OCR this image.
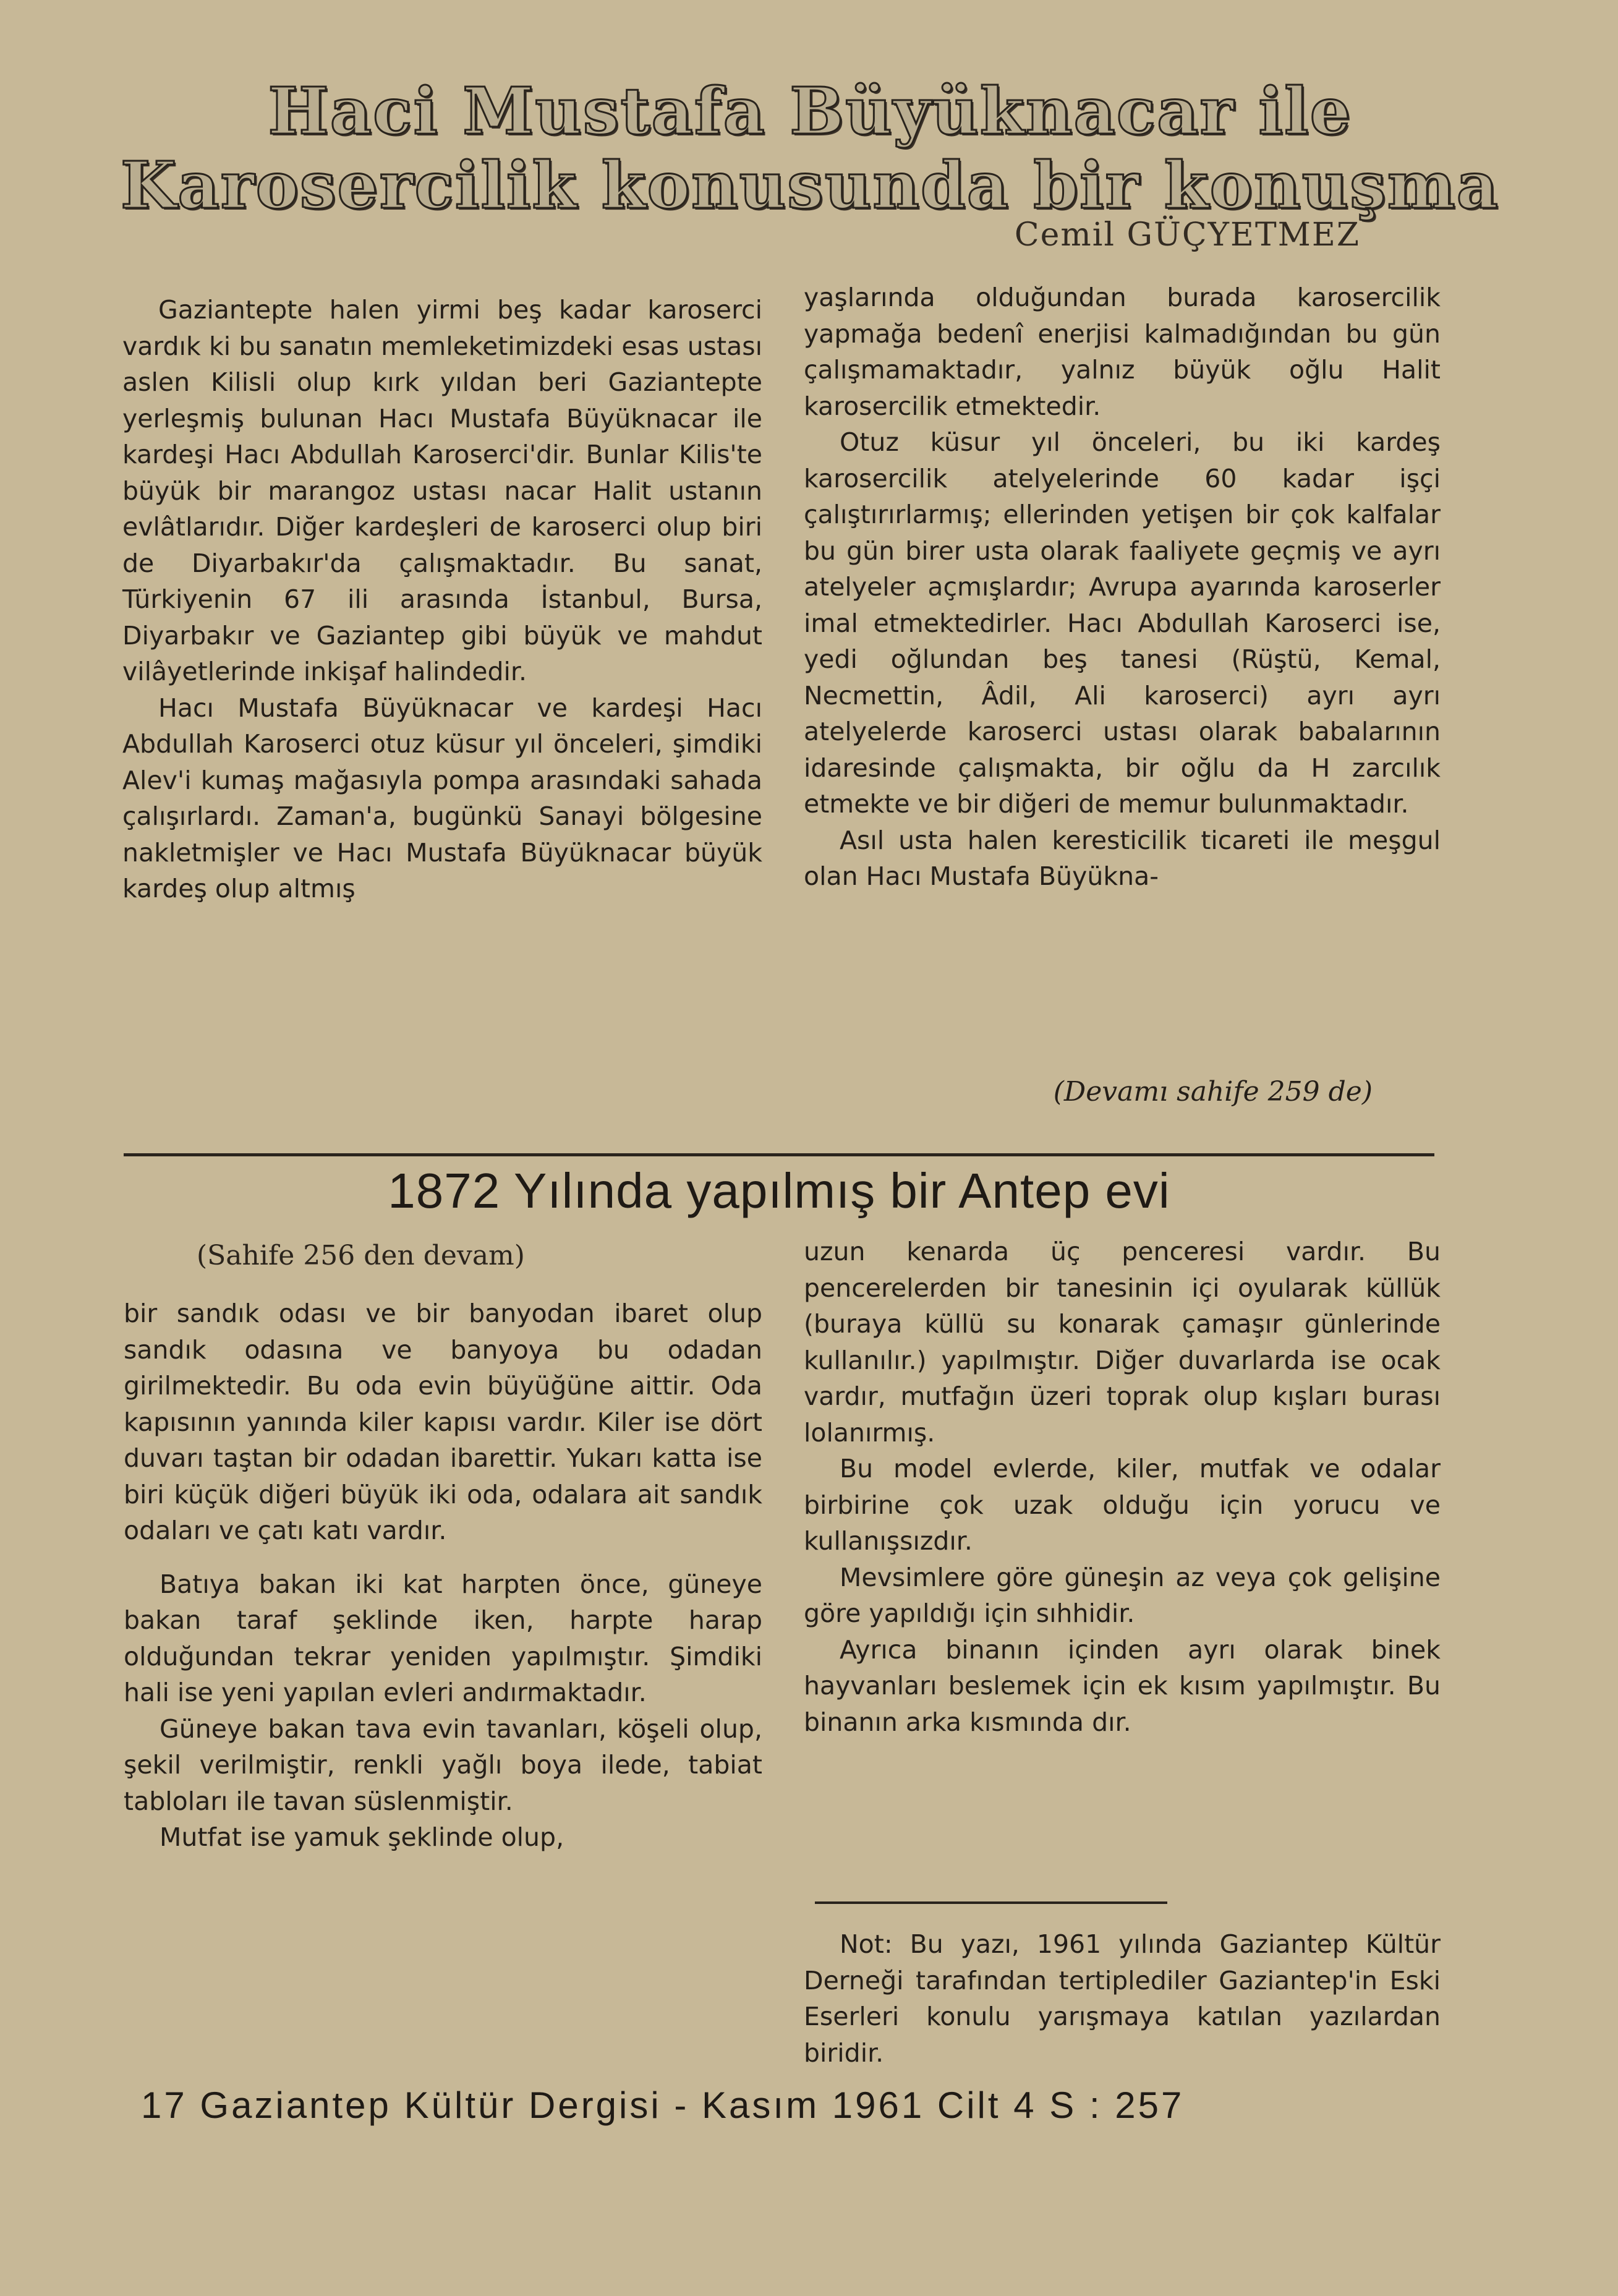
Haci Mustafa Büyüknacar ile
Karosercilik konusunda bir konuşma
Cemil GÜÇYETMEZ

Gaziantepte halen yirmi beş kadar karoserci vardık ki bu sanatın memleketimizdeki esas ustası aslen Kilisli olup kırk yıldan beri Gaziantepte yerleşmiş bulunan Hacı Mustafa Büyüknacar ile kardeşi Hacı Abdullah Karoserci'dir. Bunlar Kilis'te büyük bir marangoz ustası nacar Halit ustanın evlâtlarıdır. Diğer kardeşleri de karoserci olup biri de Diyarbakır'da çalışmaktadır. Bu sanat, Türkiyenin 67 ili arasında İstanbul, Bursa, Diyarbakır ve Gaziantep gibi büyük ve mahdut vilâyetlerinde inkişaf halindedir.

Hacı Mustafa Büyüknacar ve kardeşi Hacı Abdullah Karoserci otuz küsur yıl önceleri, şimdiki Alev'i kumaş mağasıyla pompa arasındaki sahada çalışırlardı. Zaman'a, bugünkü Sanayi bölgesine nakletmişler ve Hacı Mustafa Büyüknacar büyük kardeş olup altmış

yaşlarında olduğundan burada karosercilik yapmağa bedenî enerjisi kalmadığından bu gün çalışmamaktadır, yalnız büyük oğlu Halit karosercilik etmektedir.

Otuz küsur yıl önceleri, bu iki kardeş karosercilik atelyelerinde 60 kadar işçi çalıştırırlarmış; ellerinden yetişen bir çok kalfalar bu gün birer usta olarak faaliyete geçmiş ve ayrı atelyeler açmışlardır; Avrupa ayarında karoserler imal etmektedirler. Hacı Abdullah Karoserci ise, yedi oğlundan beş tanesi (Rüştü, Kemal, Necmettin, Âdil, Ali karoserci) ayrı ayrı atelyelerde karoserci ustası olarak babalarının idaresinde çalışmakta, bir oğlu da H zarcılık etmekte ve bir diğeri de memur bulunmaktadır.

Asıl usta halen keresticilik ticareti ile meşgul olan Hacı Mustafa Büyükna-

(Devamı sahife 259 de)
1872 Yılında yapılmış bir Antep evi
(Sahife 256 den devam)

bir sandık odası ve bir banyodan ibaret olup sandık odasına ve banyoya bu odadan girilmektedir. Bu oda evin büyüğüne aittir. Oda kapısının yanında kiler kapısı vardır. Kiler ise dört duvarı taştan bir odadan ibarettir. Yukarı katta ise biri küçük diğeri büyük iki oda, odalara ait sandık odaları ve çatı katı vardır.

Batıya bakan iki kat harpten önce, güneye bakan taraf şeklinde iken, harpte harap olduğundan tekrar yeniden yapılmıştır. Şimdiki hali ise yeni yapılan evleri andırmaktadır.

Güneye bakan tava evin tavanları, köşeli olup, şekil verilmiştir, renkli yağlı boya ilede, tabiat tabloları ile tavan süslenmiştir.

Mutfat ise yamuk şeklinde olup,

uzun kenarda üç penceresi vardır. Bu pencerelerden bir tanesinin içi oyularak küllük (buraya küllü su konarak çamaşır günlerinde kullanılır.) yapılmıştır. Diğer duvarlarda ise ocak vardır, mutfağın üzeri toprak olup kışları burası lolanırmış.

Bu model evlerde, kiler, mutfak ve odalar birbirine çok uzak olduğu için yorucu ve kullanışsızdır.

Mevsimlere göre güneşin az veya çok gelişine göre yapıldığı için sıhhidir.

Ayrıca binanın içinden ayrı olarak binek hayvanları beslemek için ek kısım yapılmıştır. Bu binanın arka kısmında dır.

Not: Bu yazı, 1961 yılında Gaziantep Kültür Derneği tarafından tertiplediler Gaziantep'in Eski Eserleri konulu yarışmaya katılan yazılardan biridir.

17 Gaziantep Kültür Dergisi - Kasım 1961 Cilt 4 S : 257
